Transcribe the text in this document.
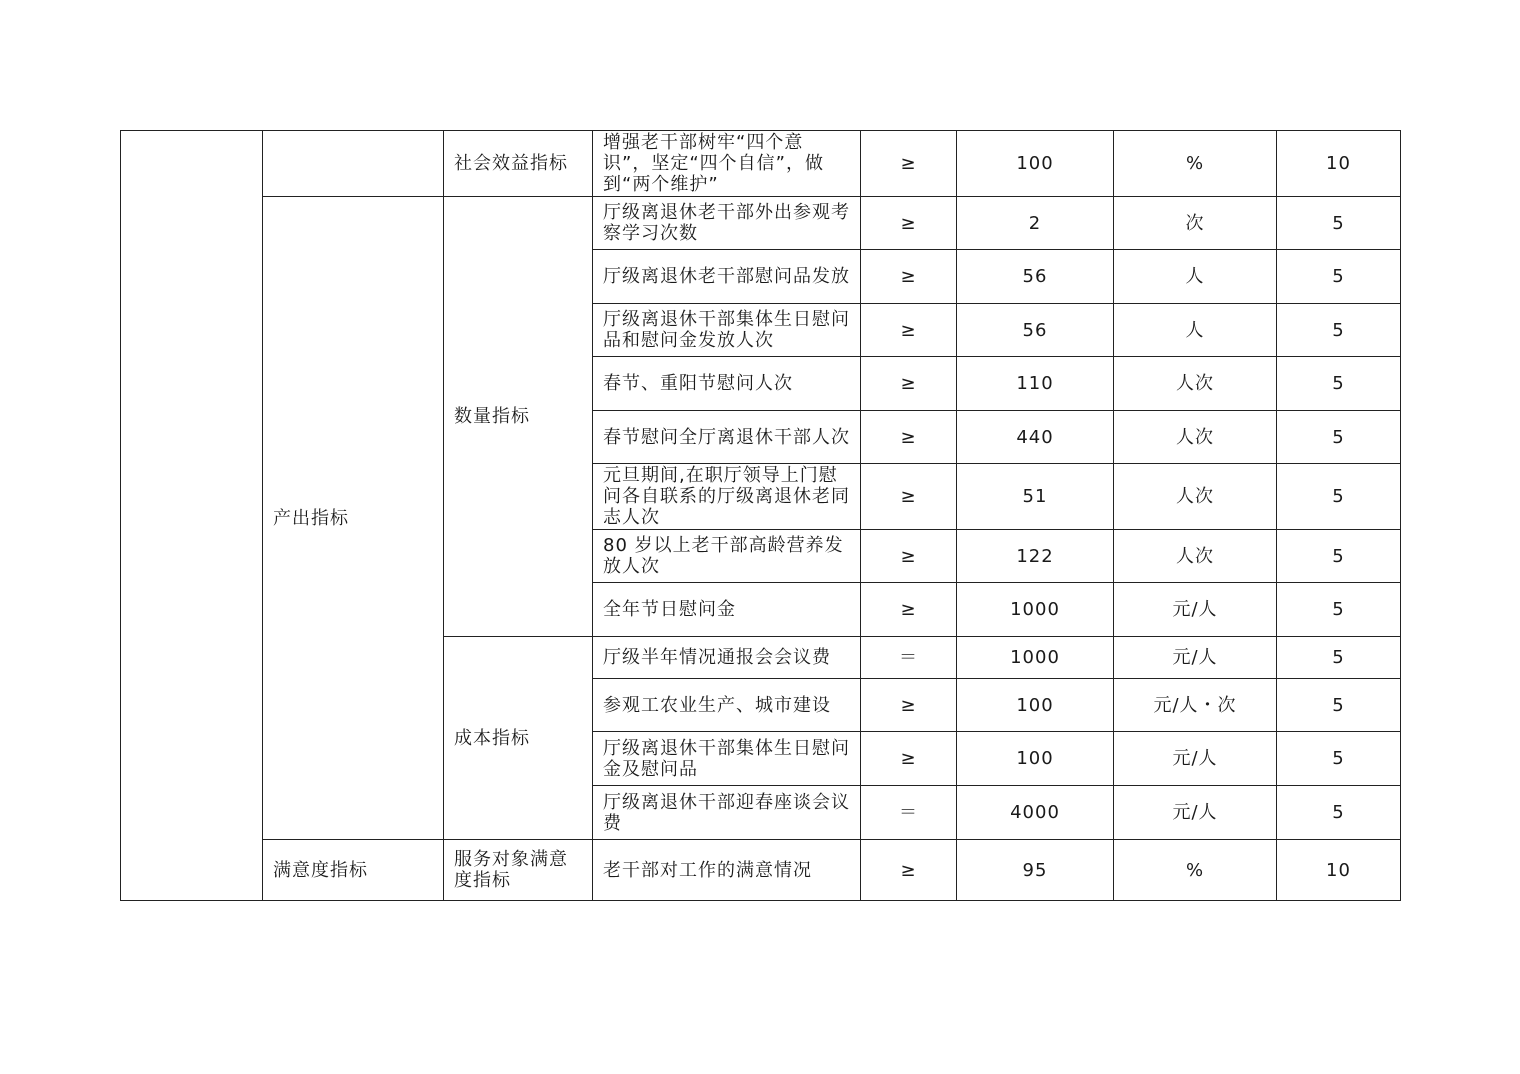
		社会效益指标	增强老干部树牢“四个意识”，坚定“四个自信”，做到“两个维护”	≥	100	%	10
	产出指标	数量指标	厅级离退休老干部外出参观考察学习次数	≥	2	次	5
			厅级离退休老干部慰问品发放	≥	56	人	5
			厅级离退休干部集体生日慰问品和慰问金发放人次	≥	56	人	5
			春节、重阳节慰问人次	≥	110	人次	5
			春节慰问全厅离退休干部人次	≥	440	人次	5
			元旦期间,在职厅领导上门慰问各自联系的厅级离退休老同志人次	≥	51	人次	5
			80 岁以上老干部高龄营养发放人次	≥	122	人次	5
			全年节日慰问金	≥	1000	元/人	5
		成本指标	厅级半年情况通报会会议费	＝	1000	元/人	5
			参观工农业生产、城市建设	≥	100	元/人・次	5
			厅级离退休干部集体生日慰问金及慰问品	≥	100	元/人	5
			厅级离退休干部迎春座谈会议费	＝	4000	元/人	5
	满意度指标	服务对象满意度指标	老干部对工作的满意情况	≥	95	%	10
